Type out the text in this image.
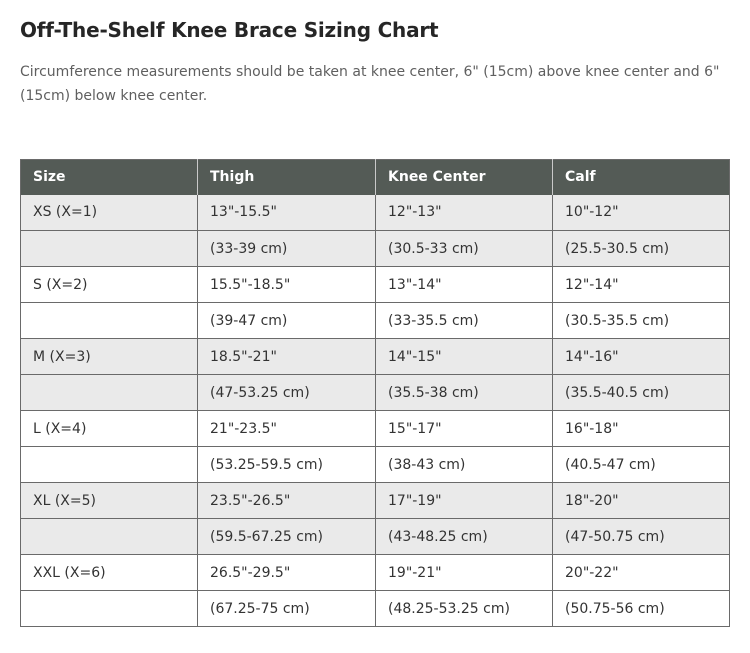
Off-The-Shelf Knee Brace Sizing Chart
Circumference measurements should be taken at knee center, 6" (15cm) above knee center and 6" (15cm) below knee center.
Size	Thigh	Knee Center	Calf
XS (X=1)	13"-15.5"	12"-13"	10"-12"
	(33-39 cm)	(30.5-33 cm)	(25.5-30.5 cm)
S (X=2)	15.5"-18.5"	13"-14"	12"-14"
	(39-47 cm)	(33-35.5 cm)	(30.5-35.5 cm)
M (X=3)	18.5"-21"	14"-15"	14"-16"
	(47-53.25 cm)	(35.5-38 cm)	(35.5-40.5 cm)
L (X=4)	21"-23.5"	15"-17"	16"-18"
	(53.25-59.5 cm)	(38-43 cm)	(40.5-47 cm)
XL (X=5)	23.5"-26.5"	17"-19"	18"-20"
	(59.5-67.25 cm)	(43-48.25 cm)	(47-50.75 cm)
XXL (X=6)	26.5"-29.5"	19"-21"	20"-22"
	(67.25-75 cm)	(48.25-53.25 cm)	(50.75-56 cm)
